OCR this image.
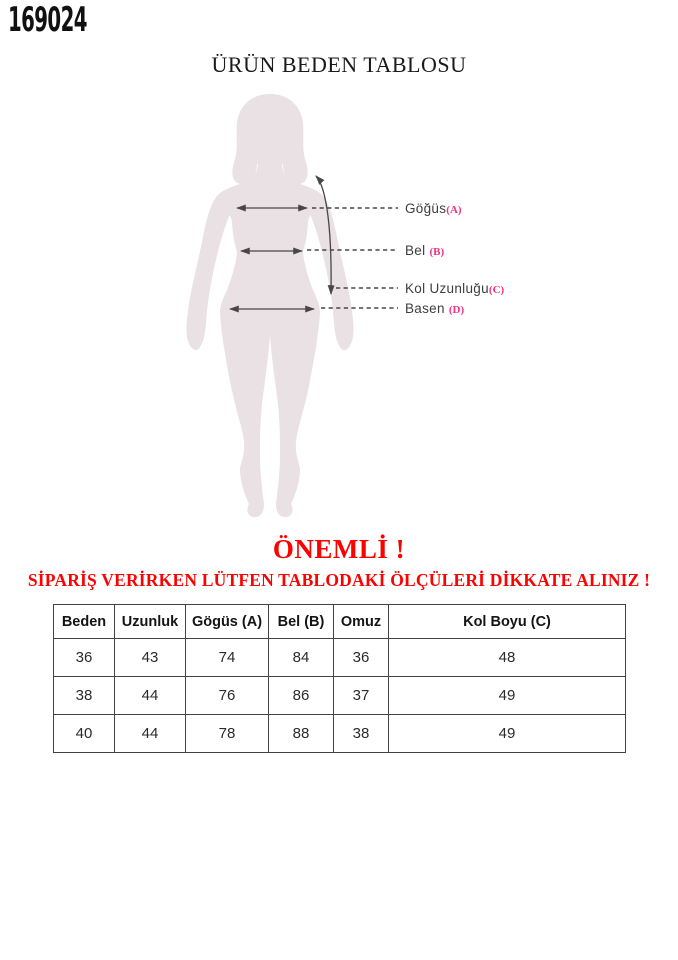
169024
ÜRÜN BEDEN TABLOSU
Göğüs(A)
Bel (B)
Kol Uzunluğu(C)
Basen (D)
ÖNEMLİ !
SİPARİŞ VERİRKEN LÜTFEN TABLODAKİ ÖLÇÜLERİ DİKKATE ALINIZ !
Beden	Uzunluk	Gögüs (A)	Bel (B)	Omuz	Kol Boyu (C)
36	43	74	84	36	48
38	44	76	86	37	49
40	44	78	88	38	49
